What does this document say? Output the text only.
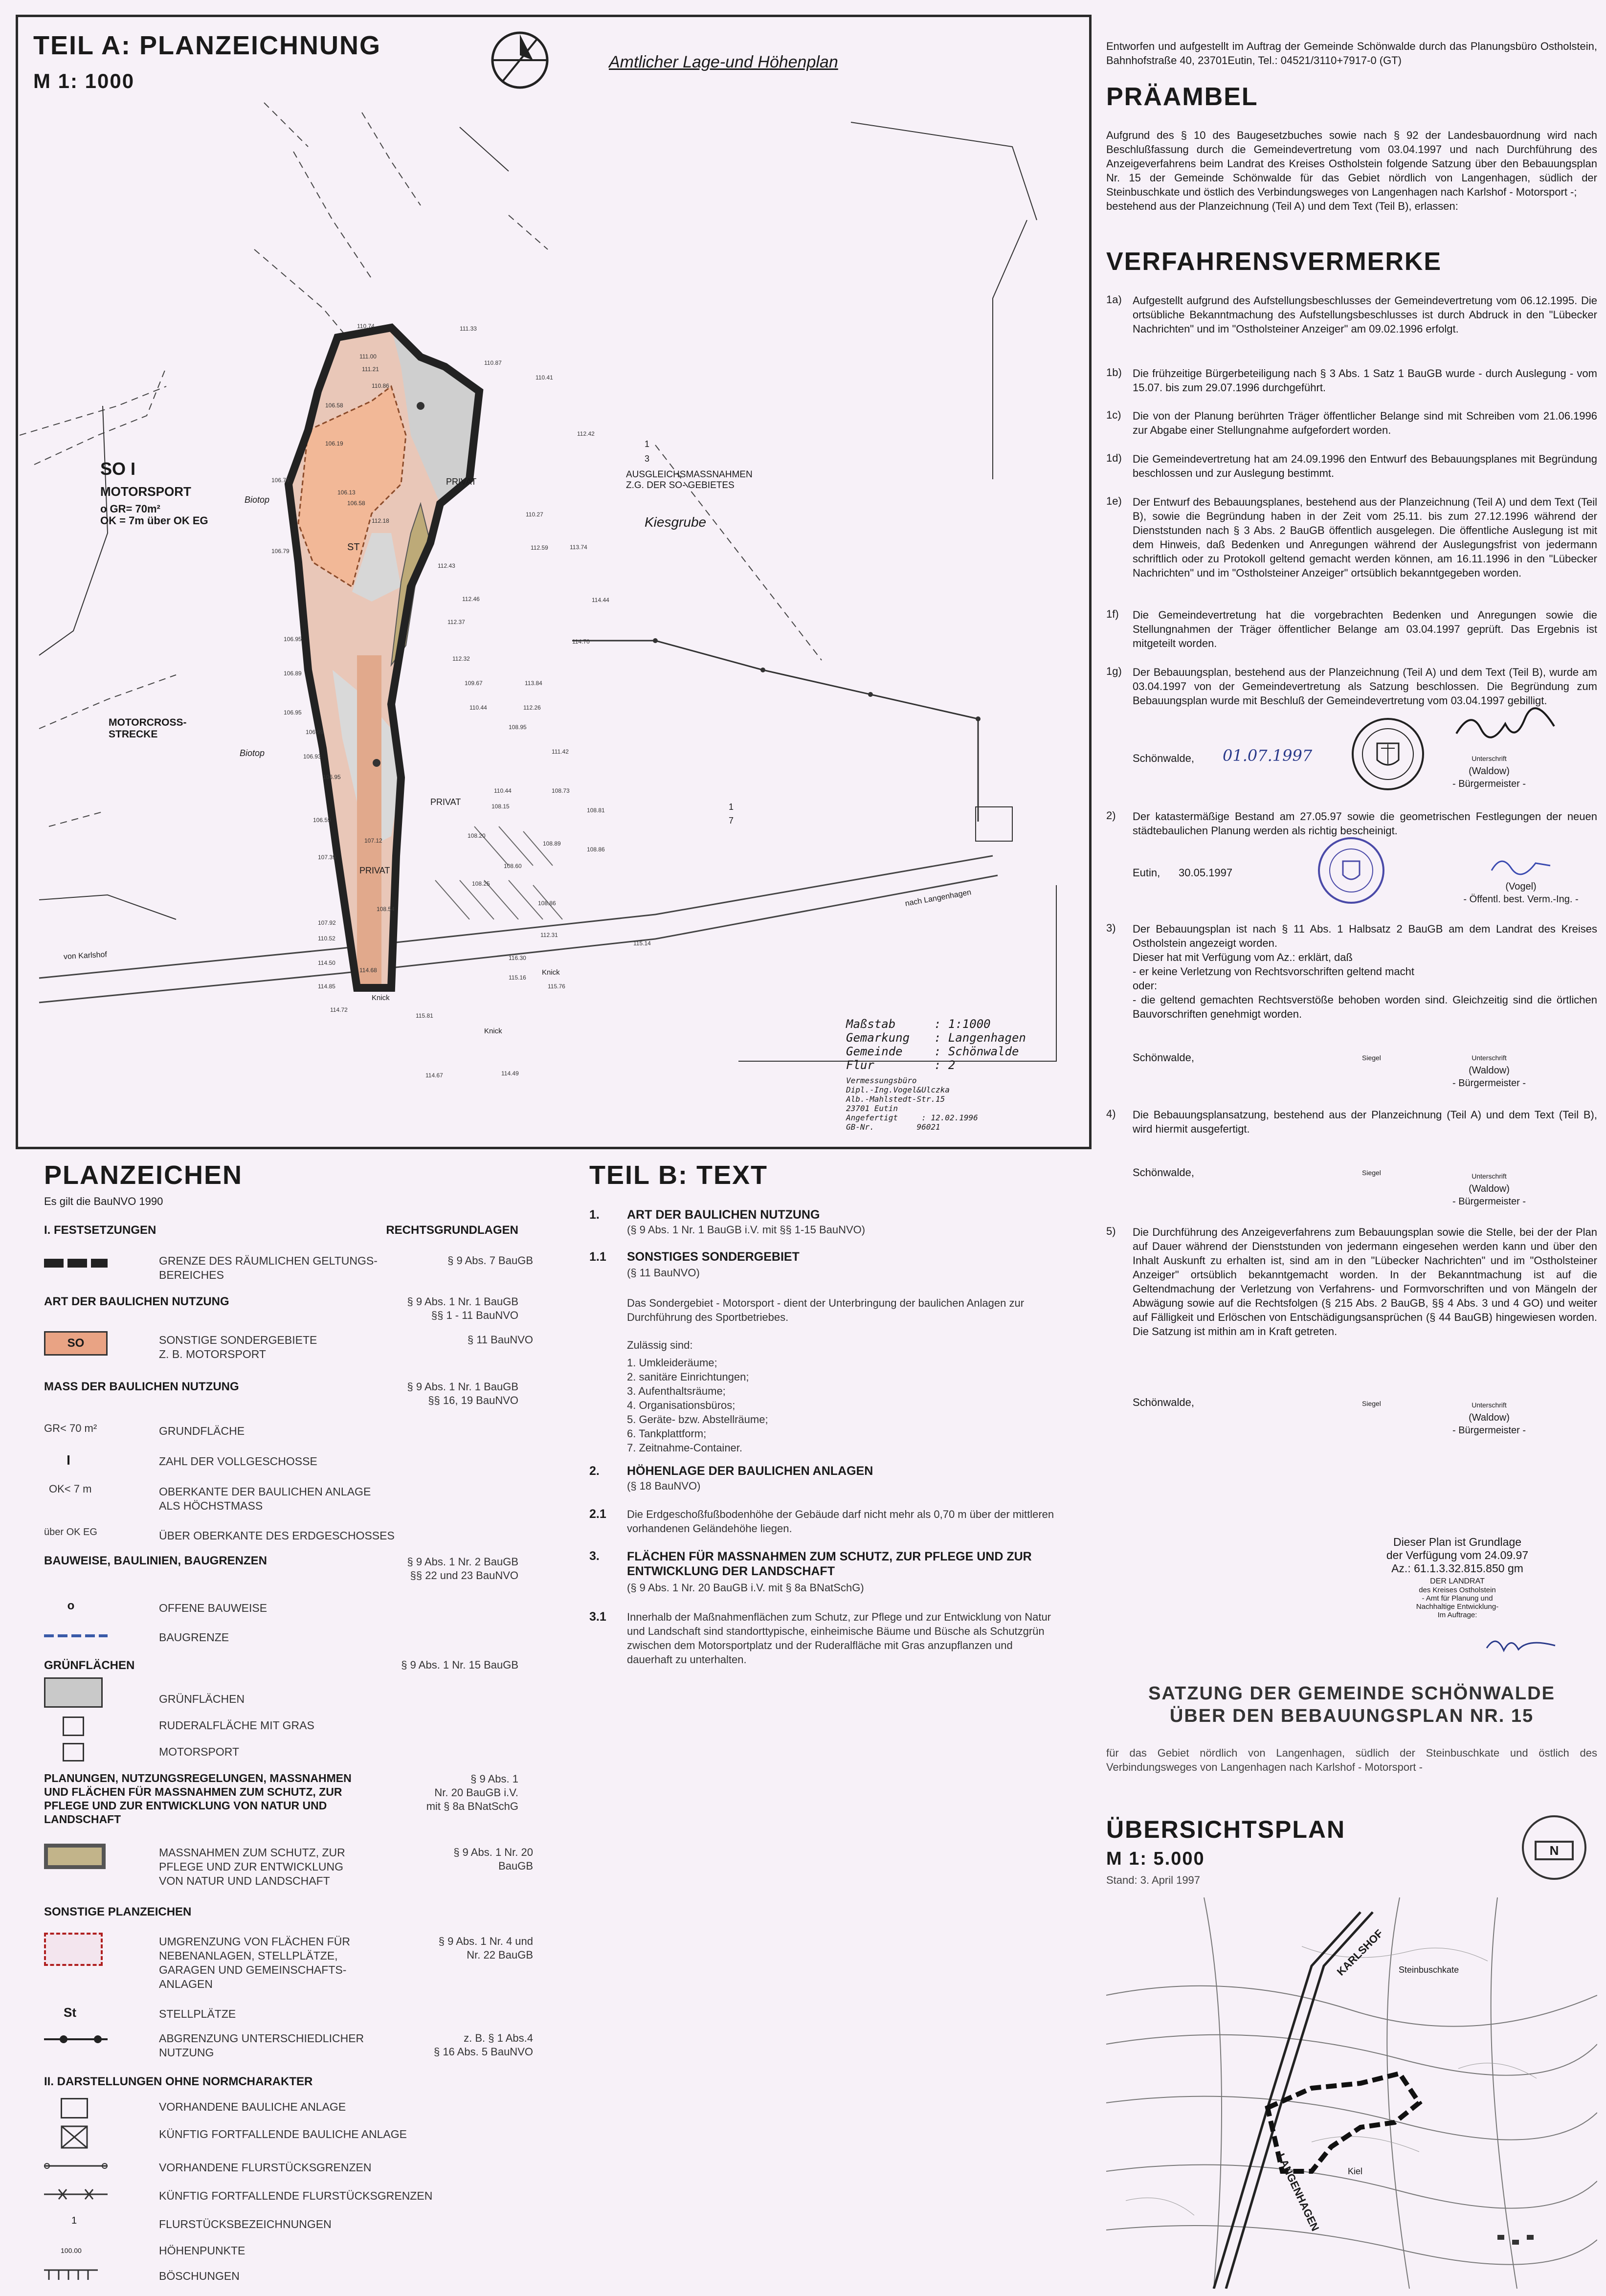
TEIL A: PLANZEICHNUNG
M 1: 1000
Amtlicher Lage-und Höhenplan
SO I
MOTORSPORT
o GR= 70m²
OK = 7m über OK EG
MOTORCROSS-
STRECKE
Biotop
Biotop
AUSGLEICHSMASSNAHMEN
Z.G. DER SO- GEBIETES
Kiesgrube
PRIVAT
PRIVAT
PRIVAT
ST
von Karlshof
nach Langenhagen
Knick
Knick
Knick
1
3
1
7
110.74	111.33
110.87
110.86
110.41
106.58
112.42
106.19
106.76
106.13
106.58
112.18
110.27
106.79	112.59	113.74
112.43
112.46	114.44
106.95
112.37
114.70
106.89
112.32
113.84
109.67
106.95
110.44	112.26
106.99
108.95
106.93
111.42
106.95
110.44	108.73
108.15
106.59
108.81
108.20
108.89
107.12
108.86
107.39
108.60
108.25
108.54
108.86
107.92
110.52	112.31
114.50
115.14
116.30
114.68
115.16
114.85	115.76
114.72
115.81
114.67	114.49
111.21
111.00
Maßstab	: 1:1000
Gemarkung : Langenhagen
Gemeinde	: Schönwalde
Flur	: 2
Vermessungsbüro
Dipl.-Ing.Vogel&Ulczka
Alb.-Mahlstedt-Str.15
23701 Eutin
Angefertigt     : 12.02.1996
GB-Nr.         96021
Entworfen und aufgestellt im Auftrag der Gemeinde Schönwalde durch das Planungsbüro Ostholstein, Bahnhofstraße 40, 23701Eutin, Tel.: 04521/3110+7917-0 (GT)
PRÄAMBEL
Aufgrund des § 10 des Baugesetzbuches sowie nach § 92 der Landesbauordnung wird nach Beschlußfassung durch die Gemeindevertretung vom 03.04.1997 und nach Durchführung des Anzeigeverfahrens beim Landrat des Kreises Ostholstein folgende Satzung über den Bebauungsplan Nr. 15 der Gemeinde Schönwalde für das Gebiet nördlich von Langenhagen, südlich der Steinbuschkate und östlich des Verbindungsweges von Langenhagen nach Karlshof - Motorsport -;
bestehend aus der Planzeichnung (Teil A) und dem Text (Teil B), erlassen:
VERFAHRENSVERMERKE
1a) Aufgestellt aufgrund des Aufstellungsbeschlusses der Gemeindevertretung vom 06.12.1995. Die ortsübliche Bekanntmachung des Aufstellungsbeschlusses ist durch Abdruck in den "Lübecker Nachrichten" und im "Ostholsteiner Anzeiger" am 09.02.1996 erfolgt.
1b) Die frühzeitige Bürgerbeteiligung nach § 3 Abs. 1 Satz 1 BauGB wurde - durch Auslegung - vom 15.07. bis zum 29.07.1996 durchgeführt.
1c) Die von der Planung berührten Träger öffentlicher Belange sind mit Schreiben vom 21.06.1996 zur Abgabe einer Stellungnahme aufgefordert worden.
1d) Die Gemeindevertretung hat am 24.09.1996 den Entwurf des Bebauungsplanes mit Begründung beschlossen und zur Auslegung bestimmt.
1e) Der Entwurf des Bebauungsplanes, bestehend aus der Planzeichnung (Teil A) und dem Text (Teil B), sowie die Begründung haben in der Zeit vom 25.11. bis zum 27.12.1996 während der Dienststunden nach § 3 Abs. 2 BauGB öffentlich ausgelegen. Die öffentliche Auslegung ist mit dem Hinweis, daß Bedenken und Anregungen während der Auslegungsfrist von jedermann schriftlich oder zu Protokoll geltend gemacht werden können, am 16.11.1996 in den "Lübecker Nachrichten" und im "Ostholsteiner Anzeiger" ortsüblich bekanntgegeben worden.
1f) Die Gemeindevertretung hat die vorgebrachten Bedenken und Anregungen sowie die Stellungnahmen der Träger öffentlicher Belange am 03.04.1997 geprüft. Das Ergebnis ist mitgeteilt worden.
1g) Der Bebauungsplan, bestehend aus der Planzeichnung (Teil A) und dem Text (Teil B), wurde am 03.04.1997 von der Gemeindevertretung als Satzung beschlossen. Die Begründung zum Bebauungsplan wurde mit Beschluß der Gemeindevertretung vom 03.04.1997 gebilligt.
Schönwalde, 01.07.1997	Unterschrift
(Waldow)
- Bürgermeister -
2) Der katastermäßige Bestand am 27.05.97 sowie die geometrischen Festlegungen der neuen städtebaulichen Planung werden als richtig bescheinigt.
Eutin, 30.05.1997
(Vogel)
- Öffentl. best. Verm.-Ing. -
3) Der Bebauungsplan ist nach § 11 Abs. 1 Halbsatz 2 BauGB am dem Landrat des Kreises Ostholstein angezeigt worden.
Dieser hat mit Verfügung vom Az.: erklärt, daß
- er keine Verletzung von Rechtsvorschriften geltend macht
oder:
- die geltend gemachten Rechtsverstöße behoben worden sind. Gleichzeitig sind die örtlichen Bauvorschriften genehmigt worden.
Schönwalde,	Siegel	Unterschrift
(Waldow)
- Bürgermeister -
4) Die Bebauungsplansatzung, bestehend aus der Planzeichnung (Teil A) und dem Text (Teil B), wird hiermit ausgefertigt.
Schönwalde,	Siegel	Unterschrift
(Waldow)
- Bürgermeister -
5) Die Durchführung des Anzeigeverfahrens zum Bebauungsplan sowie die Stelle, bei der der Plan auf Dauer während der Dienststunden von jedermann eingesehen werden kann und über den Inhalt Auskunft zu erhalten ist, sind am in den "Lübecker Nachrichten" und im "Ostholsteiner Anzeiger" ortsüblich bekanntgemacht worden. In der Bekanntmachung ist auf die Geltendmachung der Verletzung von Verfahrens- und Formvorschriften und von Mängeln der Abwägung sowie auf die Rechtsfolgen (§ 215 Abs. 2 BauGB, §§ 4 Abs. 3 und 4 GO) und weiter auf Fälligkeit und Erlöschen von Entschädigungsansprüchen (§ 44 BauGB) hingewiesen worden. Die Satzung ist mithin am in Kraft getreten.
Schönwalde,	Siegel	Unterschrift
(Waldow)
- Bürgermeister -
Dieser Plan ist Grundlage
der Verfügung vom 24.09.97
Az.: 61.1.3.32.815.850 gm
DER LANDRAT
des Kreises Ostholstein
- Amt für Planung und
Nachhaltige Entwicklung-
Im Auftrage:
SATZUNG DER GEMEINDE SCHÖNWALDE
ÜBER DEN BEBAUUNGSPLAN NR. 15
für das Gebiet nördlich von Langenhagen, südlich der Steinbuschkate und östlich des Verbindungsweges von Langenhagen nach Karlshof - Motorsport -
ÜBERSICHTSPLAN
M 1: 5.000
Stand: 3. April 1997
N
KARLSHOF Steinbuschkate
LANGENHAGEN	Kiel
PLANZEICHEN
Es gilt die BauNVO 1990
I. FESTSETZUNGEN	RECHTSGRUNDLAGEN
GRENZE DES RÄUMLICHEN GELTUNGS-
BEREICHES
§ 9 Abs. 7 BauGB
ART DER BAULICHEN NUTZUNG	§ 9 Abs. 1 Nr. 1 BauGB
§§ 1 - 11 BauNVO
SO	SONSTIGE SONDERGEBIETE
Z. B. MOTORSPORT
§ 11 BauNVO
MASS DER BAULICHEN NUTZUNG	§ 9 Abs. 1 Nr. 1 BauGB
§§ 16, 19 BauNVO
GR< 70 m²	GRUNDFLÄCHE
I	ZAHL DER VOLLGESCHOSSE
OK< 7 m	OBERKANTE DER BAULICHEN ANLAGE
ALS HÖCHSTMASS
über OK EG	ÜBER OBERKANTE DES ERDGESCHOSSES
BAUWEISE, BAULINIEN, BAUGRENZEN	§ 9 Abs. 1 Nr. 2 BauGB
§§ 22 und 23 BauNVO
o	OFFENE BAUWEISE
BAUGRENZE
GRÜNFLÄCHEN	§ 9 Abs. 1 Nr. 15 BauGB
GRÜNFLÄCHEN
RUDERALFLÄCHE MIT GRAS
MOTORSPORT
PLANUNGEN, NUTZUNGSREGELUNGEN, MASSNAHMEN
UND FLÄCHEN FÜR MASSNAHMEN ZUM SCHUTZ, ZUR
PFLEGE UND ZUR ENTWICKLUNG VON NATUR UND
LANDSCHAFT
§ 9 Abs. 1
Nr. 20 BauGB i.V.
mit § 8a BNatSchG
MASSNAHMEN ZUM SCHUTZ, ZUR
PFLEGE UND ZUR ENTWICKLUNG
VON NATUR UND LANDSCHAFT
§ 9 Abs. 1 Nr. 20
BauGB
SONSTIGE PLANZEICHEN
UMGRENZUNG VON FLÄCHEN FÜR
NEBENANLAGEN, STELLPLÄTZE,
GARAGEN UND GEMEINSCHAFTS-
ANLAGEN
§ 9 Abs. 1 Nr. 4 und
Nr. 22 BauGB
St	STELLPLÄTZE
ABGRENZUNG UNTERSCHIEDLICHER
NUTZUNG
z. B. § 1 Abs.4
§ 16 Abs. 5 BauNVO
II. DARSTELLUNGEN OHNE NORMCHARAKTER
VORHANDENE BAULICHE ANLAGE
KÜNFTIG FORTFALLENDE BAULICHE ANLAGE
VORHANDENE FLURSTÜCKSGRENZEN
KÜNFTIG FORTFALLENDE FLURSTÜCKSGRENZEN
1	FLURSTÜCKSBEZEICHNUNGEN
100.00	HÖHENPUNKTE
BÖSCHUNGEN
TEIL B: TEXT
1. ART DER BAULICHEN NUTZUNG
(§ 9 Abs. 1 Nr. 1 BauGB i.V. mit §§ 1-15 BauNVO)
1.1 SONSTIGES SONDERGEBIET
(§ 11 BauNVO)
Das Sondergebiet - Motorsport - dient der Unterbringung der baulichen Anlagen zur Durchführung des Sportbetriebes.
Zulässig sind:
1. Umkleideräume;
2. sanitäre Einrichtungen;
3. Aufenthaltsräume;
4. Organisationsbüros;
5. Geräte- bzw. Abstellräume;
6. Tankplattform;
7. Zeitnahme-Container.
2. HÖHENLAGE DER BAULICHEN ANLAGEN
(§ 18 BauNVO)
2.1 Die Erdgeschoßfußbodenhöhe der Gebäude darf nicht mehr als 0,70 m über der mittleren vorhandenen Geländehöhe liegen.
3. FLÄCHEN FÜR MASSNAHMEN ZUM SCHUTZ, ZUR PFLEGE UND ZUR ENTWICKLUNG DER LANDSCHAFT
(§ 9 Abs. 1 Nr. 20 BauGB i.V. mit § 8a BNatSchG)
3.1 Innerhalb der Maßnahmenflächen zum Schutz, zur Pflege und zur Entwicklung von Natur und Landschaft sind standorttypische, einheimische Bäume und Büsche als Schutzgrün zwischen dem Motorsportplatz und der Ruderalfläche mit Gras anzupflanzen und dauerhaft zu unterhalten.
